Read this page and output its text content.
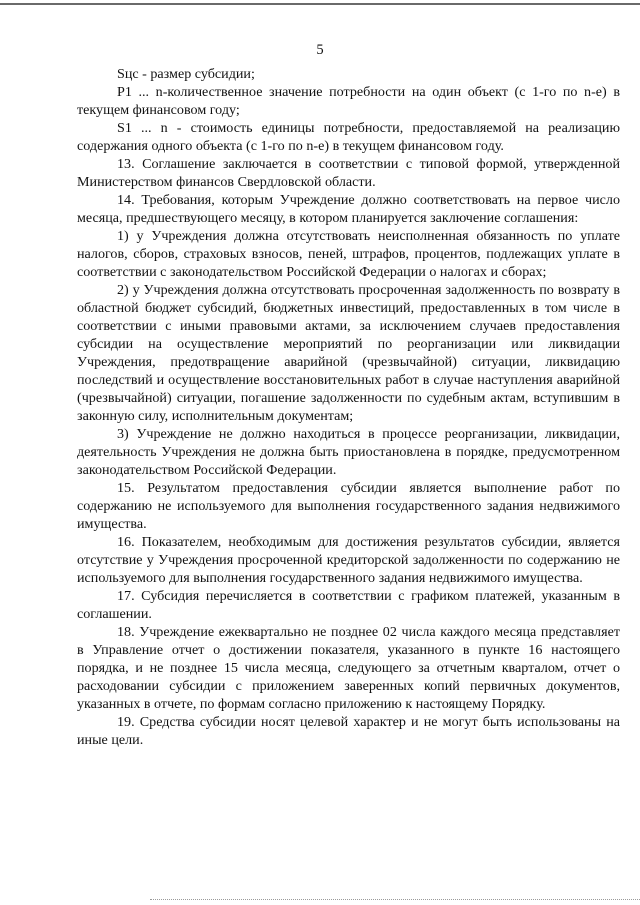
5

Sцс - размер субсидии;

P1 ... n-количественное значение потребности на один объект (с 1-го по n-е) в текущем финансовом году;

S1 ... n - стоимость единицы потребности, предоставляемой на реализацию содержания одного объекта (с 1-го по n-е) в текущем финансовом году.

13. Соглашение заключается в соответствии с типовой формой, утвержденной Министерством финансов Свердловской области.

14. Требования, которым Учреждение должно соответствовать на первое число месяца, предшествующего месяцу, в котором планируется заключение соглашения:

1) у Учреждения должна отсутствовать неисполненная обязанность по уплате налогов, сборов, страховых взносов, пеней, штрафов, процентов, подлежащих уплате в соответствии с законодательством Российской Федерации о налогах и сборах;

2) у Учреждения должна отсутствовать просроченная задолженность по возврату в областной бюджет субсидий, бюджетных инвестиций, предоставленных в том числе в соответствии с иными правовыми актами, за исключением случаев предоставления субсидии на осуществление мероприятий по реорганизации или ликвидации Учреждения, предотвращение аварийной (чрезвычайной) ситуации, ликвидацию последствий и осуществление восстановительных работ в случае наступления аварийной (чрезвычайной) ситуации, погашение задолженности по судебным актам, вступившим в законную силу, исполнительным документам;

3) Учреждение не должно находиться в процессе реорганизации, ликвидации, деятельность Учреждения не должна быть приостановлена в порядке, предусмотренном законодательством Российской Федерации.

15. Результатом предоставления субсидии является выполнение работ по содержанию не используемого для выполнения государственного задания недвижимого имущества.

16. Показателем, необходимым для достижения результатов субсидии, является отсутствие у Учреждения просроченной кредиторской задолженности по содержанию не используемого для выполнения государственного задания недвижимого имущества.

17. Субсидия перечисляется в соответствии с графиком платежей, указанным в соглашении.

18. Учреждение ежеквартально не позднее 02 числа каждого месяца представляет в Управление отчет о достижении показателя, указанного в пункте 16 настоящего порядка, и не позднее 15 числа месяца, следующего за отчетным кварталом, отчет о расходовании субсидии с приложением заверенных копий первичных документов, указанных в отчете, по формам согласно приложению к настоящему Порядку.

19. Средства субсидии носят целевой характер и не могут быть использованы на иные цели.
